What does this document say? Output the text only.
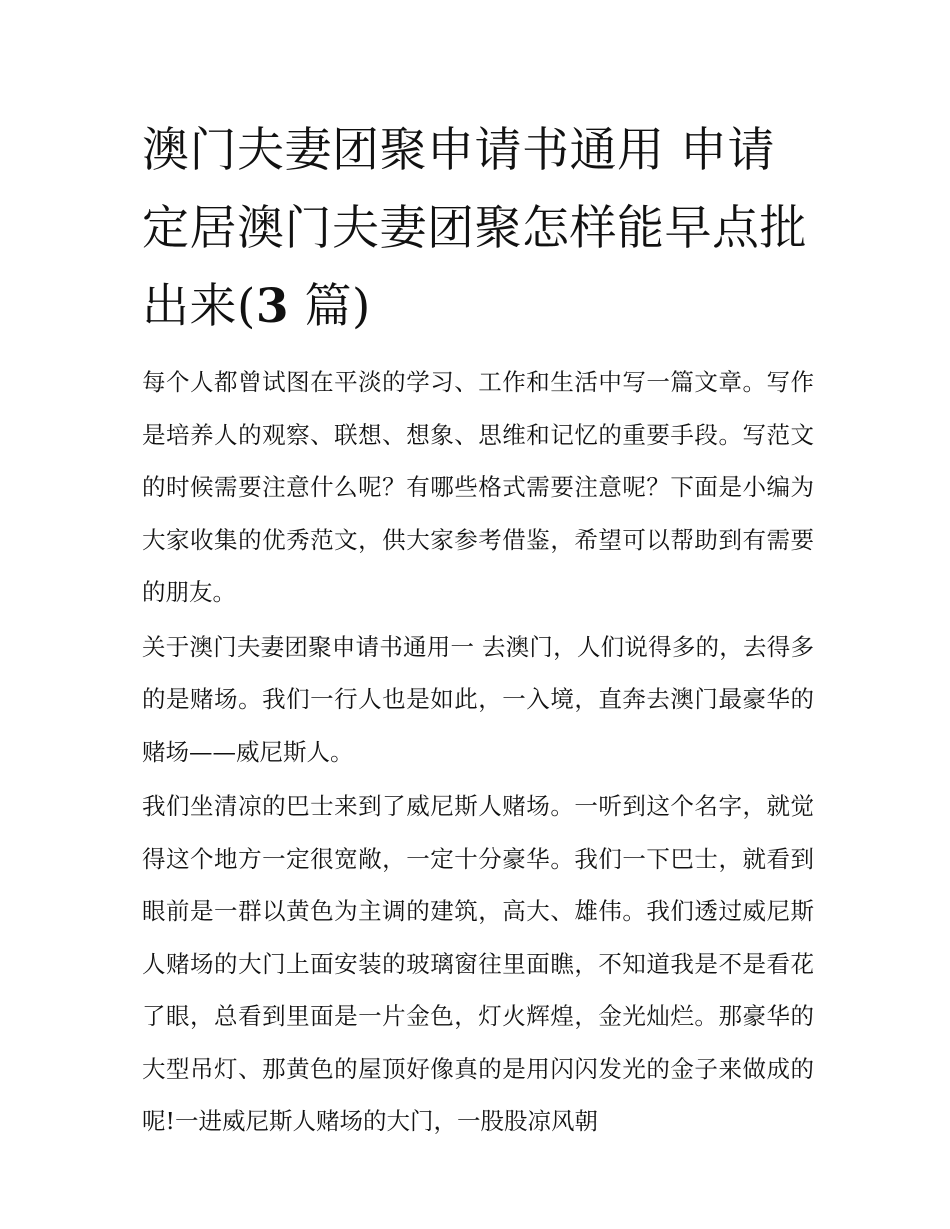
澳门夫妻团聚申请书通用 申请定居澳门夫妻团聚怎样能早点批出来(3 篇)

每个人都曾试图在平淡的学习、工作和生活中写一篇文章。写作是培养人的观察、联想、想象、思维和记忆的重要手段。写范文的时候需要注意什么呢？有哪些格式需要注意呢？下面是小编为大家收集的优秀范文，供大家参考借鉴，希望可以帮助到有需要的朋友。

关于澳门夫妻团聚申请书通用一 去澳门，人们说得多的，去得多的是赌场。我们一行人也是如此，一入境，直奔去澳门最豪华的赌场——威尼斯人。

我们坐清凉的巴士来到了威尼斯人赌场。一听到这个名字，就觉得这个地方一定很宽敞，一定十分豪华。我们一下巴士，就看到眼前是一群以黄色为主调的建筑，高大、雄伟。我们透过威尼斯人赌场的大门上面安装的玻璃窗往里面瞧，不知道我是不是看花了眼，总看到里面是一片金色，灯火辉煌，金光灿烂。那豪华的大型吊灯、那黄色的屋顶好像真的是用闪闪发光的金子来做成的呢!一进威尼斯人赌场的大门，一股股凉风朝
